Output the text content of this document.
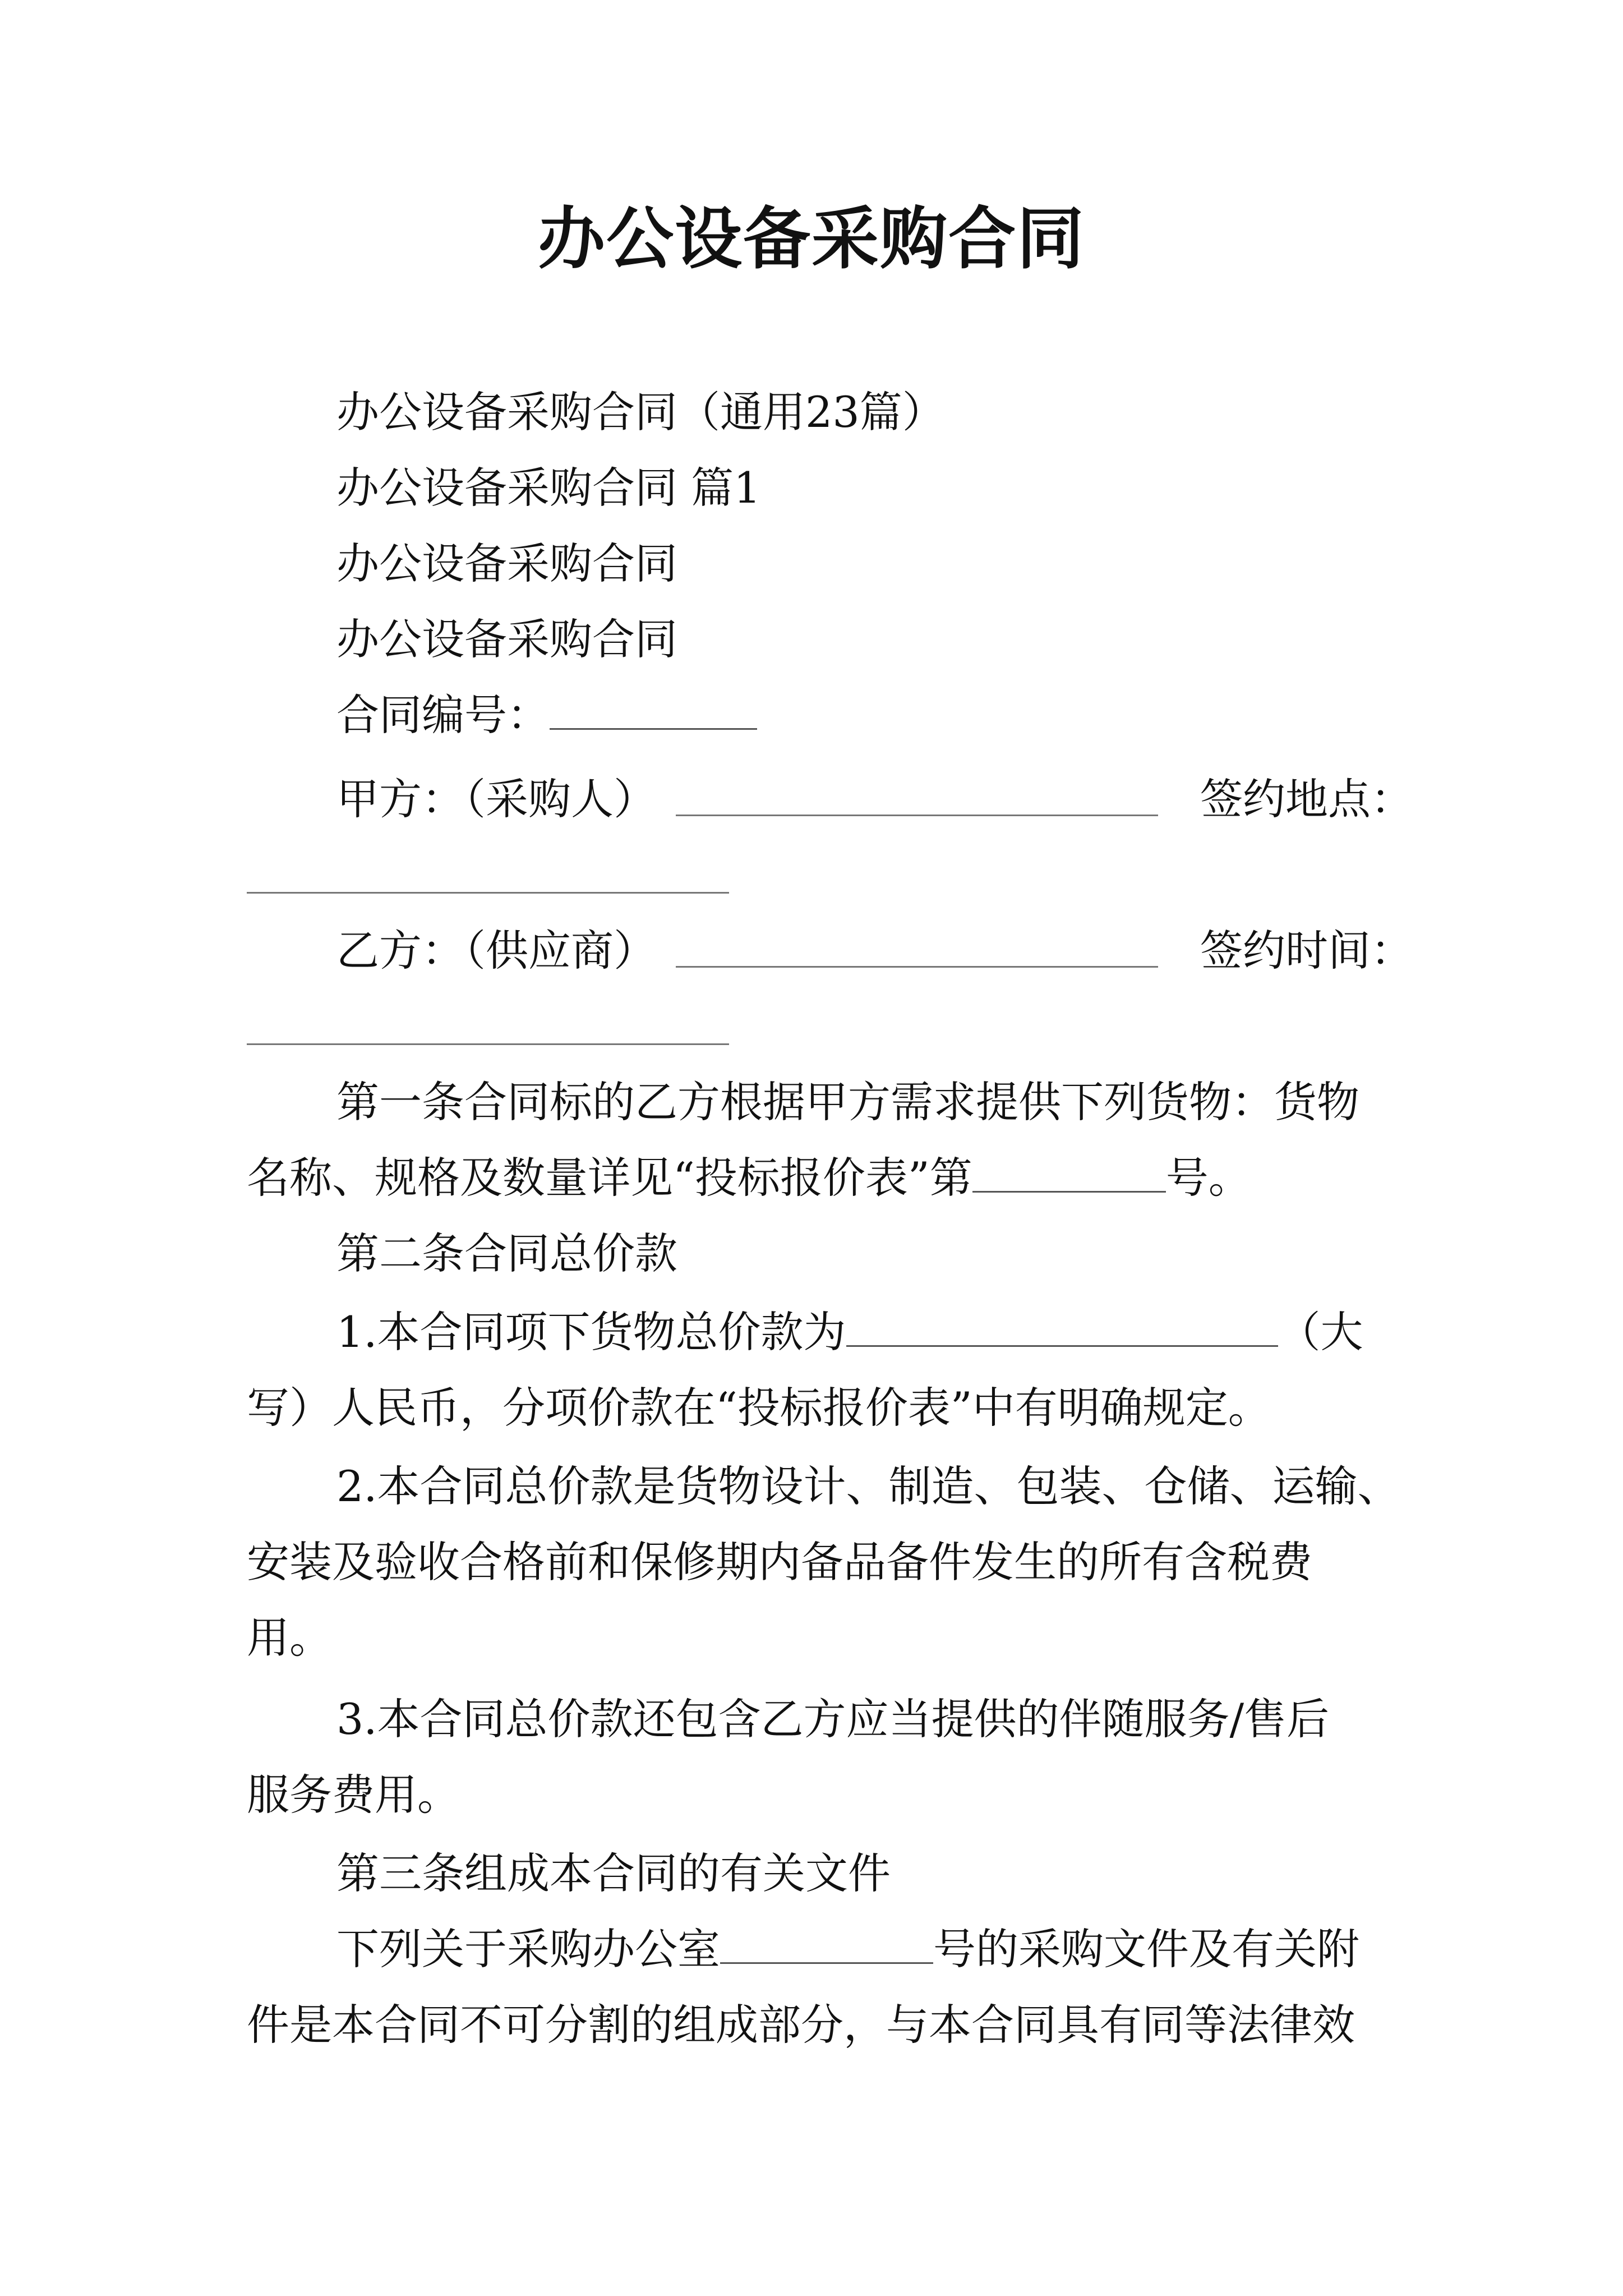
办公设备采购合同
办公设备采购合同（通用23篇）
办公设备采购合同 篇1
办公设备采购合同
办公设备采购合同
合同编号：
甲方：（采购人）	签约地点：
乙方：（供应商）	签约时间：
第一条合同标的乙方根据甲方需求提供下列货物：货物
名称、规格及数量详见“投标报价表”第	号。
第二条合同总价款
1.本合同项下货物总价款为	（大
写）人民币，分项价款在“投标报价表”中有明确规定。
2.本合同总价款是货物设计、制造、包装、仓储、运输、
安装及验收合格前和保修期内备品备件发生的所有含税费
用。
3.本合同总价款还包含乙方应当提供的伴随服务/售后
服务费用。
第三条组成本合同的有关文件
下列关于采购办公室	号的采购文件及有关附
件是本合同不可分割的组成部分，与本合同具有同等法律效
